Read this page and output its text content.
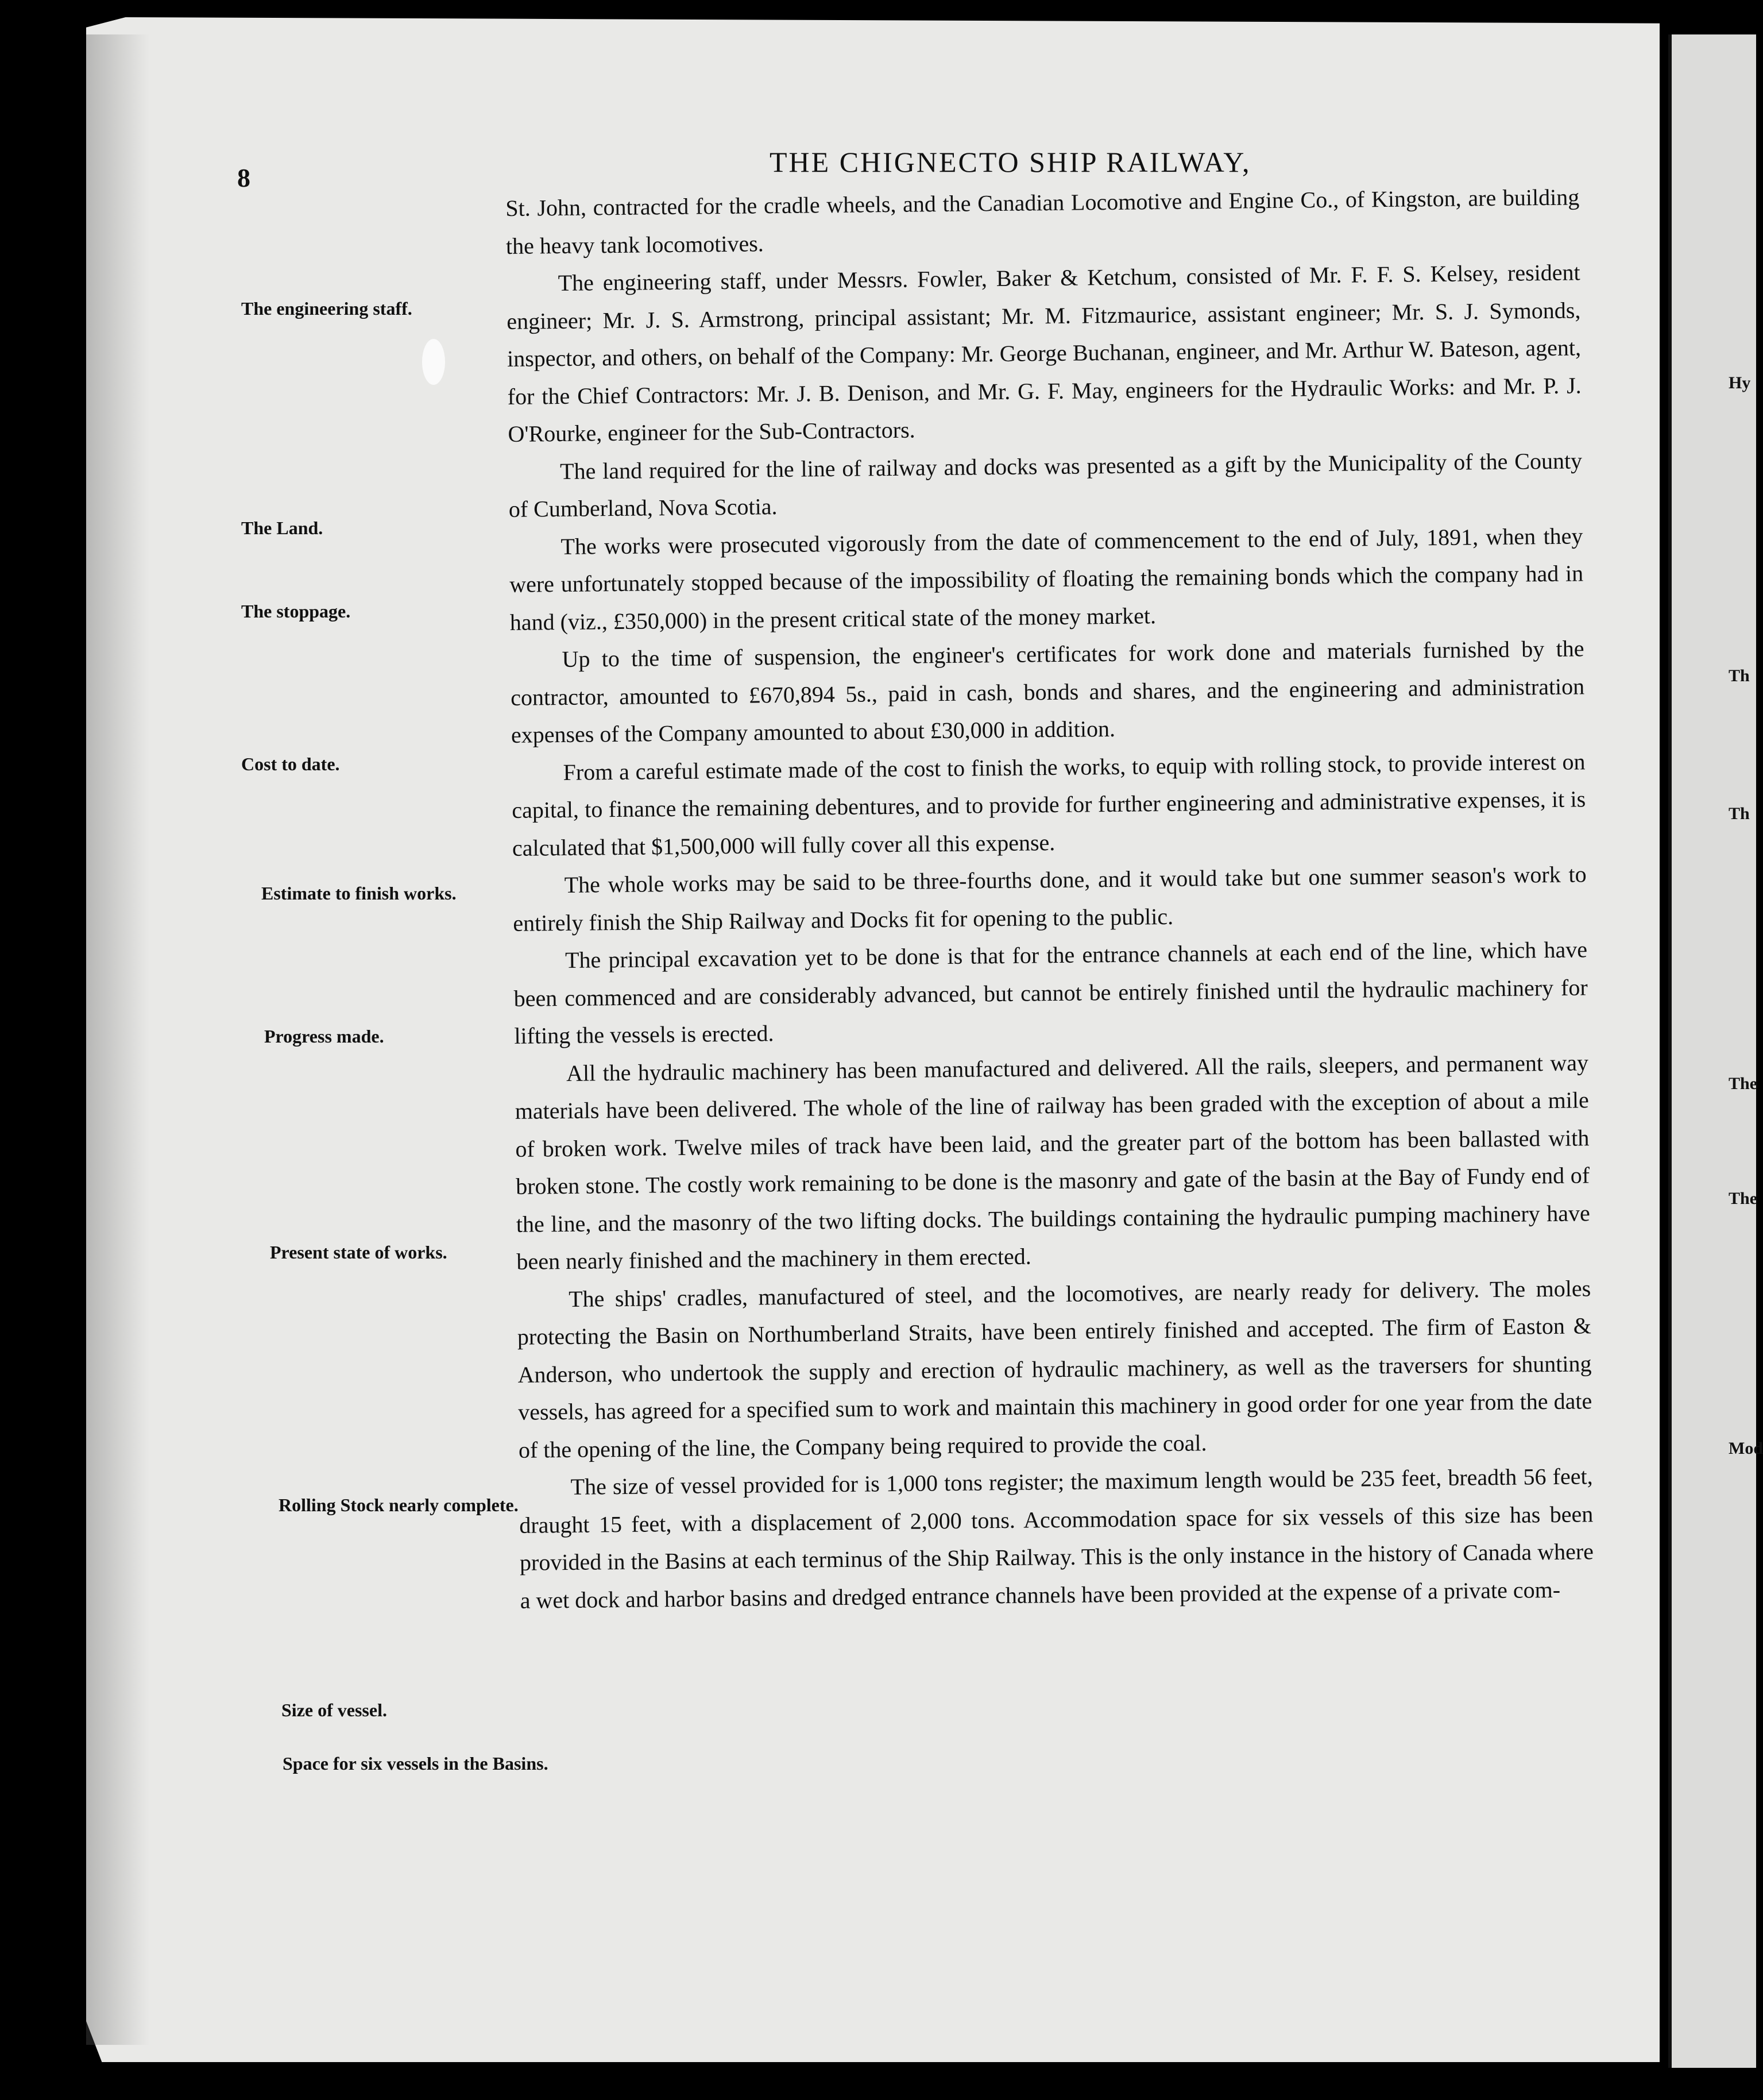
8	THE CHIGNECTO SHIP RAILWAY,
The engineering staff.
The Land.
The stoppage.
Cost to date.
Estimate to finish works.
Progress made.
Present state of works.
Rolling Stock nearly complete.
Size of vessel.
Space for six vessels in the Basins.

St. John, contracted for the cradle wheels, and the Canadian Locomotive and Engine Co., of Kingston, are building the heavy tank locomotives.

The engineering staff, under Messrs. Fowler, Baker & Ketchum, consisted of Mr. F. F. S. Kelsey, resident engineer; Mr. J. S. Armstrong, principal assistant; Mr. M. Fitzmaurice, assistant engineer; Mr. S. J. Symonds, inspector, and others, on behalf of the Company: Mr. George Buchanan, engineer, and Mr. Arthur W. Bateson, agent, for the Chief Contractors: Mr. J. B. Denison, and Mr. G. F. May, engineers for the Hydraulic Works: and Mr. P. J. O'Rourke, engineer for the Sub-Contractors.

The land required for the line of railway and docks was presented as a gift by the Municipality of the County of Cumberland, Nova Scotia.

The works were prosecuted vigorously from the date of commencement to the end of July, 1891, when they were unfortunately stopped because of the impossibility of floating the remaining bonds which the company had in hand (viz., £350,000) in the present critical state of the money market.

Up to the time of suspension, the engineer's certificates for work done and materials furnished by the contractor, amounted to £670,894 5s., paid in cash, bonds and shares, and the engineering and administration expenses of the Company amounted to about £30,000 in addition.

From a careful estimate made of the cost to finish the works, to equip with rolling stock, to provide interest on capital, to finance the remaining debentures, and to provide for further engineering and administrative expenses, it is calculated that $1,500,000 will fully cover all this expense.

The whole works may be said to be three-fourths done, and it would take but one summer season's work to entirely finish the Ship Railway and Docks fit for opening to the public.

The principal excavation yet to be done is that for the entrance channels at each end of the line, which have been commenced and are considerably advanced, but cannot be entirely finished until the hydraulic machinery for lifting the vessels is erected.

All the hydraulic machinery has been manufactured and delivered. All the rails, sleepers, and permanent way materials have been delivered. The whole of the line of railway has been graded with the exception of about a mile of broken work. Twelve miles of track have been laid, and the greater part of the bottom has been ballasted with broken stone. The costly work remaining to be done is the masonry and gate of the basin at the Bay of Fundy end of the line, and the masonry of the two lifting docks. The buildings containing the hydraulic pumping machinery have been nearly finished and the machinery in them erected.

The ships' cradles, manufactured of steel, and the locomotives, are nearly ready for delivery. The moles protecting the Basin on Northumberland Straits, have been entirely finished and accepted. The firm of Easton & Anderson, who undertook the supply and erection of hydraulic machinery, as well as the traversers for shunting vessels, has agreed for a specified sum to work and maintain this machinery in good order for one year from the date of the opening of the line, the Company being required to provide the coal.

The size of vessel provided for is 1,000 tons register; the maximum length would be 235 feet, breadth 56 feet, draught 15 feet, with a displacement of 2,000 tons. Accommodation space for six vessels of this size has been provided in the Basins at each terminus of the Ship Railway. This is the only instance in the history of Canada where a wet dock and harbor basins and dredged entrance channels have been provided at the expense of a private com-

Hy
Th
Th
The
The
Mod
